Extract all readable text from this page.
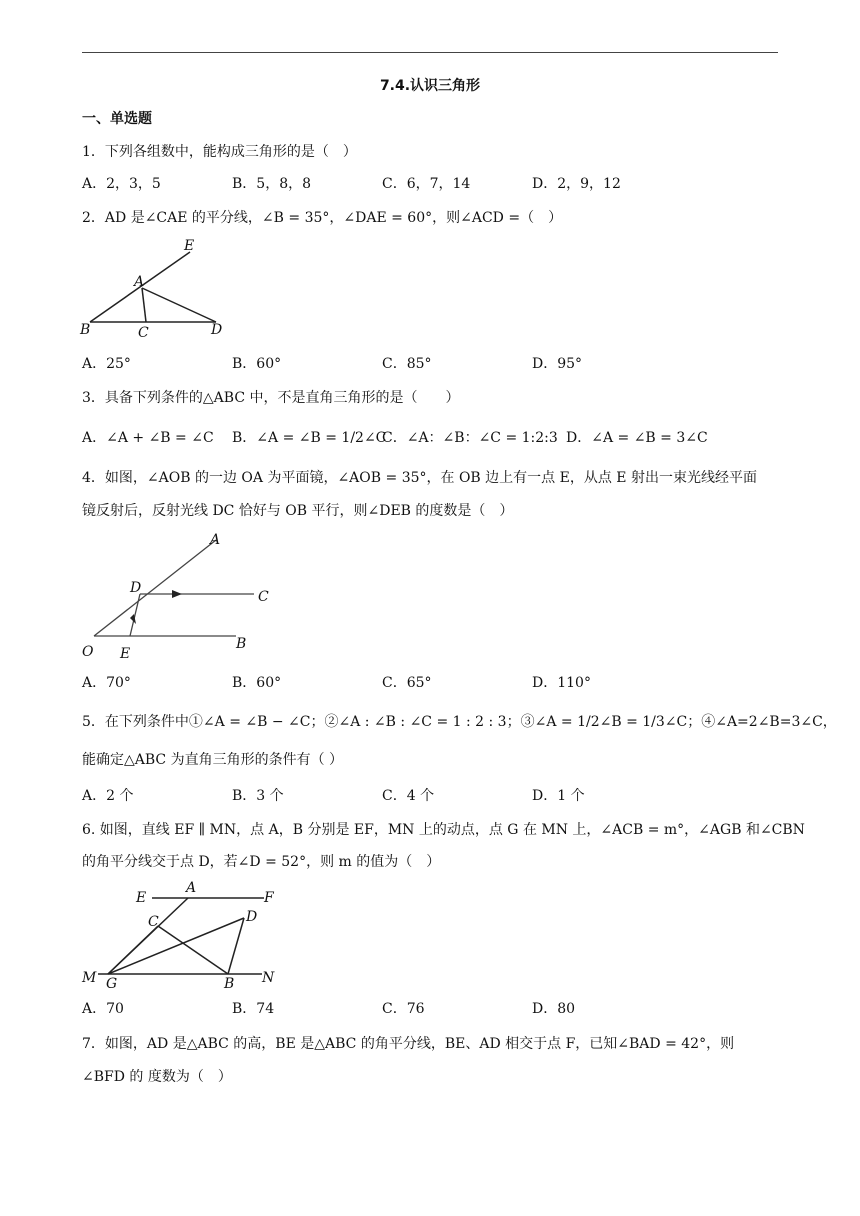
7.4.认识三角形
一、单选题
1．下列各组数中，能构成三角形的是（　）
A．2，3，5	B．5，8，8	C．6，7，14	D．2，9，12
2．AD 是∠CAE 的平分线，∠B = 35°，∠DAE = 60°，则∠ACD =（　）
E
A
B	C	D
A．25°	B．60°	C．85°	D．95°
3．具备下列条件的△ABC 中，不是直角三角形的是（　　）
A．∠A + ∠B = ∠C B．∠A = ∠B = 1/2∠C
C．∠A：∠B：∠C = 1:2:3 D．∠A = ∠B = 3∠C
4．如图，∠AOB 的一边 OA 为平面镜，∠AOB = 35°，在 OB 边上有一点 E，从点 E 射出一束光线经平面
镜反射后，反射光线 DC 恰好与 OB 平行，则∠DEB 的度数是（　）
A
D
C
O E
B
A．70°	B．60°	C．65°	D．110°
5．在下列条件中①∠A = ∠B − ∠C；②∠A : ∠B : ∠C = 1 : 2 : 3；③∠A = 1/2∠B = 1/3∠C；④∠A=2∠B=3∠C，
能确定△ABC 为直角三角形的条件有（ ）
A．2 个	B．3 个	C．4 个	D．1 个
6. 如图，直线 EF ∥ MN，点 A，B 分别是 EF，MN 上的动点，点 G 在 MN 上，∠ACB = m°，∠AGB 和∠CBN
的角平分线交于点 D，若∠D = 52°，则 m 的值为（　）
E
A
F
C	D
M G	B N
A．70	B．74	C．76	D．80
7．如图，AD 是△ABC 的高，BE 是△ABC 的角平分线，BE、AD 相交于点 F，已知∠BAD = 42°，则
∠BFD 的 度数为（　）
